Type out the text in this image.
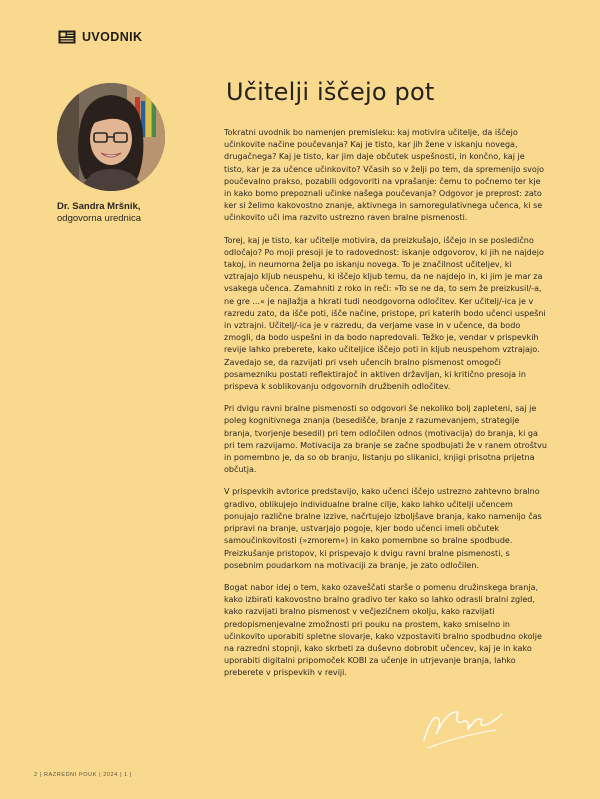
UVODNIK
Dr. Sandra Mršnik,
odgovorna urednica
Učitelji iščejo pot

Tokratni uvodnik bo namenjen premisleku: kaj motivira učitelje, da iščejo učinkovite načine poučevanja? Kaj je tisto, kar jih žene v iskanju novega, drugačnega? Kaj je tisto, kar jim daje občutek uspešnosti, in končno, kaj je tisto, kar je za učence učinkovito? Včasih so v želji po tem, da spremenijo svojo poučevalno prakso, pozabili odgovoriti na vprašanje: čemu to počnemo ter kje in kako bomo prepoznali učinke našega poučevanja? Odgovor je preprost: zato ker si želimo kakovostno znanje, aktivnega in samoregulativnega učenca, ki se učinkovito uči ima razvito ustrezno raven bralne pismenosti.

Torej, kaj je tisto, kar učitelje motivira, da preizkušajo, iščejo in se posledično odločajo? Po moji presoji je to radovednost: iskanje odgovorov, ki jih ne najdejo takoj, in neumorna želja po iskanju novega. To je značilnost učiteljev, ki vztrajajo kljub neuspehu, ki iščejo kljub temu, da ne najdejo in, ki jim je mar za vsakega učenca. Zamahniti z roko in reči: »To se ne da, to sem že preizkusil/-a, ne gre ...« je najlažja a hkrati tudi neodgovorna odločitev. Ker učitelj/-ica je v razredu zato, da išče poti, išče načine, pristope, pri katerih bodo učenci uspešni in vztrajni. Učitelj/-ica je v razredu, da verjame vase in v učence, da bodo zmogli, da bodo uspešni in da bodo napredovali. Težko je, vendar v prispevkih revije lahko preberete, kako učiteljice iščejo poti in kljub neuspehom vztrajajo. Zavedajo se, da razvijati pri vseh učencih bralno pismenost omogoči posamezniku postati reflektirajoč in aktiven državljan, ki kritično presoja in prispeva k soblikovanju odgovornih družbenih odločitev.

Pri dvigu ravni bralne pismenosti so odgovori še nekoliko bolj zapleteni, saj je poleg kognitivnega znanja (besedišče, branje z razumevanjem, strategije branja, tvorjenje besedil) pri tem odločilen odnos (motivacija) do branja, ki ga pri tem razvijamo. Motivacija za branje se začne spodbujati že v ranem otroštvu in pomembno je, da so ob branju, listanju po slikanici, knjigi prisotna prijetna občutja.

V prispevkih avtorice predstavijo, kako učenci iščejo ustrezno zahtevno bralno gradivo, oblikujejo individualne bralne cilje, kako lahko učitelji učencem ponujajo različne bralne izzive, načrtujejo izboljšave branja, kako namenijo čas pripravi na branje, ustvarjajo pogoje, kjer bodo učenci imeli občutek samoučinkovitosti (»zmorem«) in kako pomembne so bralne spodbude. Preizkušanje pristopov, ki prispevajo k dvigu ravni bralne pismenosti, s posebnim poudarkom na motivaciji za branje, je zato odločilen.

Bogat nabor idej o tem, kako ozaveščati starše o pomenu družinskega branja, kako izbirati kakovostno bralno gradivo ter kako so lahko odrasli bralni zgled, kako razvijati bralno pismenost v večjezičnem okolju, kako razvijati predopismenjevalne zmožnosti pri pouku na prostem, kako smiselno in učinkovito uporabiti spletne slovarje, kako vzpostaviti bralno spodbudno okolje na razredni stopnji, kako skrbeti za duševno dobrobit učencev, kaj je in kako uporabiti digitalni pripomoček KOBI za učenje in utrjevanje branja, lahko preberete v prispevkih v reviji.

2 | RAZREDNI POUK | 2024 | 1 |
